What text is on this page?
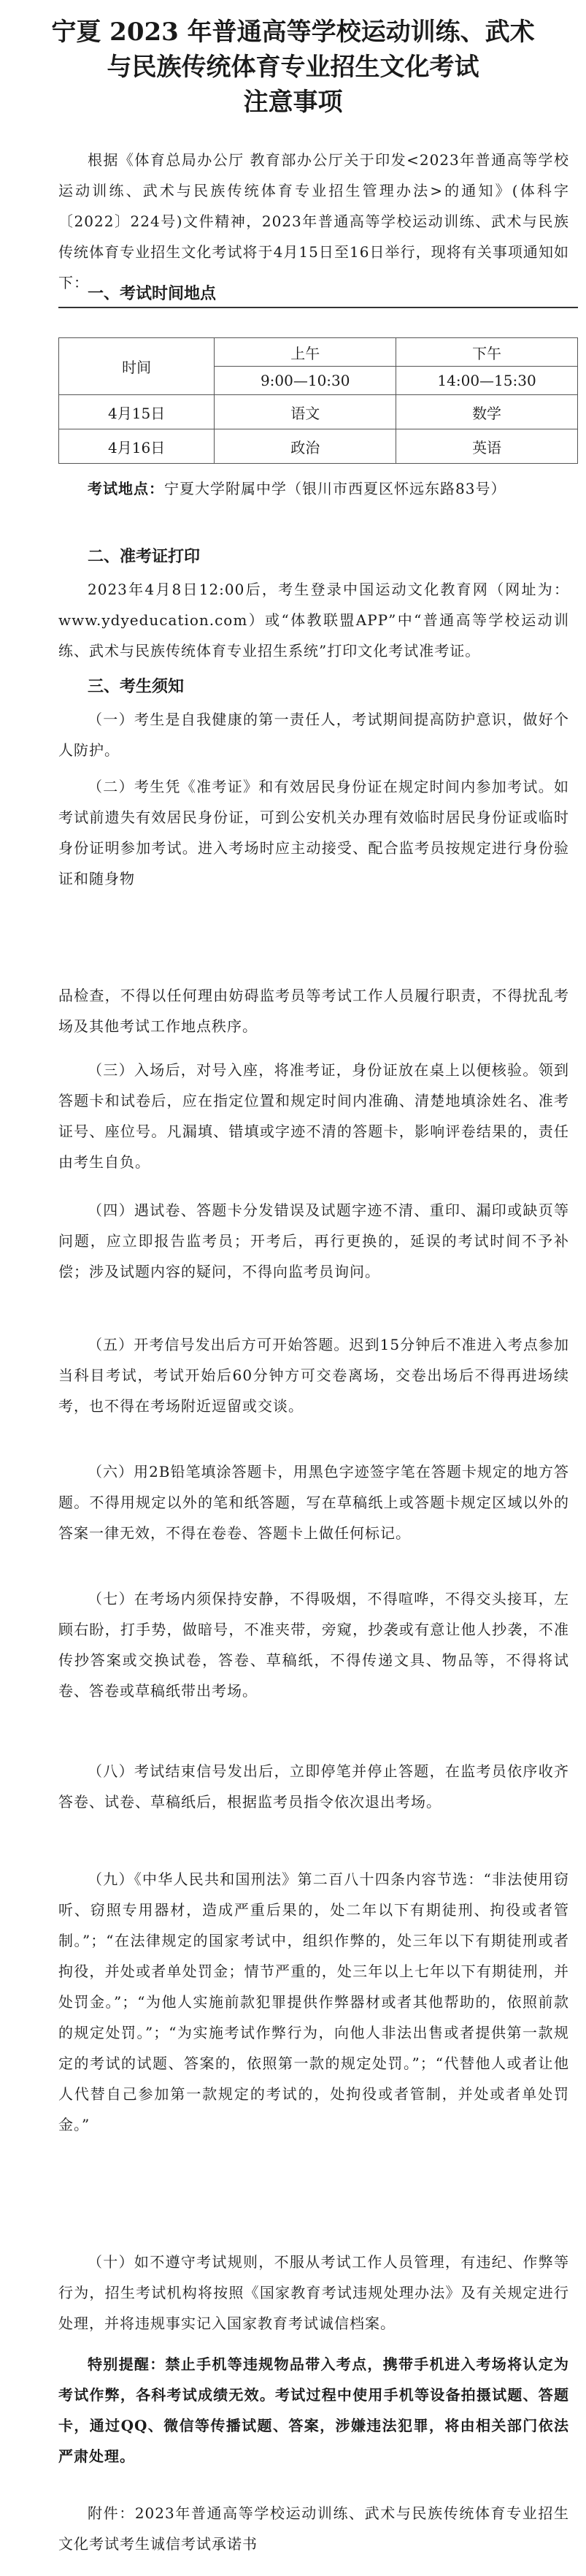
宁夏 2023 年普通高等学校运动训练、武术
与民族传统体育专业招生文化考试
注意事项

根据《体育总局办公厅 教育部办公厅关于印发<2023年普通高等学校运动训练、武术与民族传统体育专业招生管理办法>的通知》(体科字〔2022〕224号)文件精神，2023年普通高等学校运动训练、武术与民族传统体育专业招生文化考试将于4月15日至16日举行，现将有关事项通知如下：

一、考试时间地点
时间	上午	下午
	9:00—10:30	14:00—15:30
4月15日	语文	数学
4月16日	政治	英语

考试地点：宁夏大学附属中学（银川市西夏区怀远东路83号）

二、准考证打印

2023年4月8日12:00后，考生登录中国运动文化教育网（网址为：www.ydyeducation.com）或“体教联盟APP”中“普通高等学校运动训练、武术与民族传统体育专业招生系统”打印文化考试准考证。

三、考生须知

（一）考生是自我健康的第一责任人，考试期间提高防护意识，做好个人防护。

（二）考生凭《准考证》和有效居民身份证在规定时间内参加考试。如考试前遗失有效居民身份证，可到公安机关办理有效临时居民身份证或临时身份证明参加考试。进入考场时应主动接受、配合监考员按规定进行身份验证和随身物

品检查，不得以任何理由妨碍监考员等考试工作人员履行职责，不得扰乱考场及其他考试工作地点秩序。

（三）入场后，对号入座，将准考证，身份证放在桌上以便核验。领到答题卡和试卷后，应在指定位置和规定时间内准确、清楚地填涂姓名、准考证号、座位号。凡漏填、错填或字迹不清的答题卡，影响评卷结果的，责任由考生自负。

（四）遇试卷、答题卡分发错误及试题字迹不清、重印、漏印或缺页等问题，应立即报告监考员；开考后，再行更换的，延误的考试时间不予补偿；涉及试题内容的疑问，不得向监考员询问。

（五）开考信号发出后方可开始答题。迟到15分钟后不准进入考点参加当科目考试，考试开始后60分钟方可交卷离场，交卷出场后不得再进场续考，也不得在考场附近逗留或交谈。

（六）用2B铅笔填涂答题卡，用黑色字迹签字笔在答题卡规定的地方答题。不得用规定以外的笔和纸答题，写在草稿纸上或答题卡规定区域以外的答案一律无效，不得在卷卷、答题卡上做任何标记。

（七）在考场内须保持安静，不得吸烟，不得喧哗，不得交头接耳，左顾右盼，打手势，做暗号，不准夹带，旁窥，抄袭或有意让他人抄袭，不准传抄答案或交换试卷，答卷、草稿纸，不得传递文具、物品等，不得将试卷、答卷或草稿纸带出考场。

（八）考试结束信号发出后，立即停笔并停止答题，在监考员依序收齐答卷、试卷、草稿纸后，根据监考员指令依次退出考场。

（九）《中华人民共和国刑法》第二百八十四条内容节选：“非法使用窃听、窃照专用器材，造成严重后果的，处二年以下有期徒刑、拘役或者管制。”；“在法律规定的国家考试中，组织作弊的，处三年以下有期徒刑或者拘役，并处或者单处罚金；情节严重的，处三年以上七年以下有期徒刑，并处罚金。”；“为他人实施前款犯罪提供作弊器材或者其他帮助的，依照前款的规定处罚。”；“为实施考试作弊行为，向他人非法出售或者提供第一款规定的考试的试题、答案的，依照第一款的规定处罚。”；“代替他人或者让他人代替自己参加第一款规定的考试的，处拘役或者管制，并处或者单处罚金。”

（十）如不遵守考试规则，不服从考试工作人员管理，有违纪、作弊等行为，招生考试机构将按照《国家教育考试违规处理办法》及有关规定进行处理，并将违规事实记入国家教育考试诚信档案。

特别提醒：禁止手机等违规物品带入考点，携带手机进入考场将认定为考试作弊，各科考试成绩无效。考试过程中使用手机等设备拍摄试题、答题卡，通过QQ、微信等传播试题、答案，涉嫌违法犯罪，将由相关部门依法严肃处理。

附件：2023年普通高等学校运动训练、武术与民族传统体育专业招生文化考试考生诚信考试承诺书
